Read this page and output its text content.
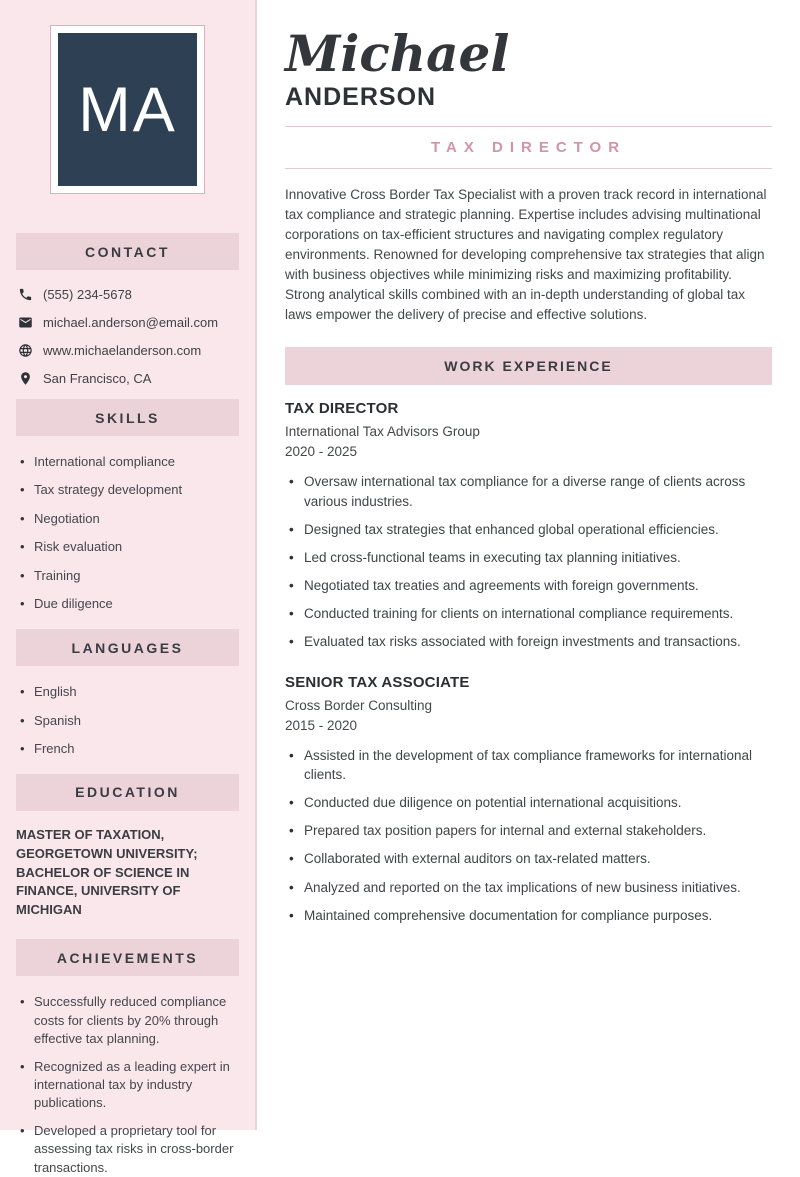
MA
CONTACT
(555) 234-5678
michael.anderson@email.com
www.michaelanderson.com
San Francisco, CA
SKILLS
• International compliance
• Tax strategy development
• Negotiation
• Risk evaluation
• Training
• Due diligence
LANGUAGES
• English
• Spanish
• French
EDUCATION
MASTER OF TAXATION, GEORGETOWN UNIVERSITY; BACHELOR OF SCIENCE IN FINANCE, UNIVERSITY OF MICHIGAN
ACHIEVEMENTS
• Successfully reduced compliance costs for clients by 20% through effective tax planning.
• Recognized as a leading expert in international tax by industry publications.
• Developed a proprietary tool for assessing tax risks in cross-border transactions.
Michael
ANDERSON
TAX DIRECTOR

Innovative Cross Border Tax Specialist with a proven track record in international tax compliance and strategic planning. Expertise includes advising multinational corporations on tax-efficient structures and navigating complex regulatory environments. Renowned for developing comprehensive tax strategies that align with business objectives while minimizing risks and maximizing profitability. Strong analytical skills combined with an in-depth understanding of global tax laws empower the delivery of precise and effective solutions.

WORK EXPERIENCE
TAX DIRECTOR
International Tax Advisors Group
2020 - 2025
• Oversaw international tax compliance for a diverse range of clients across various industries.
• Designed tax strategies that enhanced global operational efficiencies.
• Led cross-functional teams in executing tax planning initiatives.
• Negotiated tax treaties and agreements with foreign governments.
• Conducted training for clients on international compliance requirements.
• Evaluated tax risks associated with foreign investments and transactions.
SENIOR TAX ASSOCIATE
Cross Border Consulting
2015 - 2020
• Assisted in the development of tax compliance frameworks for international clients.
• Conducted due diligence on potential international acquisitions.
• Prepared tax position papers for internal and external stakeholders.
• Collaborated with external auditors on tax-related matters.
• Analyzed and reported on the tax implications of new business initiatives.
• Maintained comprehensive documentation for compliance purposes.
